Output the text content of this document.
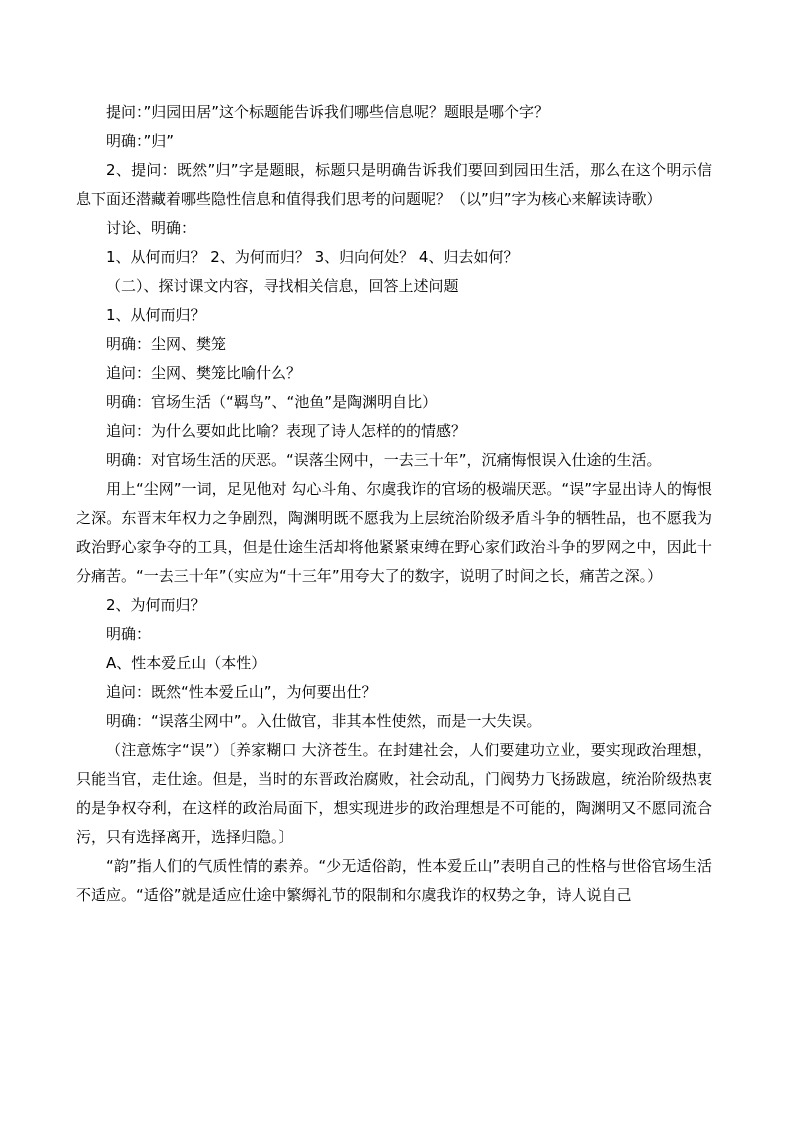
提问：”归园田居”这个标题能告诉我们哪些信息呢？题眼是哪个字？
明确：”归”

2、提问：既然”归”字是题眼，标题只是明确告诉我们要回到园田生活，那么在这个明示信息下面还潜藏着哪些隐性信息和值得我们思考的问题呢？（以”归”字为核心来解读诗歌）

讨论、明确：
1、从何而归？ 2、为何而归？ 3、归向何处？ 4、归去如何？
（二）、探讨课文内容，寻找相关信息，回答上述问题
1、从何而归？
明确：尘网、樊笼
追问：尘网、樊笼比喻什么？
明确：官场生活（“羁鸟”、“池鱼”是陶渊明自比）
追问：为什么要如此比喻？表现了诗人怎样的的情感？
明确：对官场生活的厌恶。“误落尘网中，一去三十年”，沉痛悔恨误入仕途的生活。

用上“尘网”一词，足见他对 勾心斗角、尔虞我诈的官场的极端厌恶。“误”字显出诗人的悔恨之深。东晋末年权力之争剧烈，陶渊明既不愿我为上层统治阶级矛盾斗争的牺牲品，也不愿我为政治野心家争夺的工具，但是仕途生活却将他紧紧束缚在野心家们政治斗争的罗网之中，因此十分痛苦。“一去三十年”（实应为“十三年”用夸大了的数字，说明了时间之长，痛苦之深。）

2、为何而归？
明确：
A、性本爱丘山（本性）
追问：既然“性本爱丘山”，为何要出仕？
明确：“误落尘网中”。入仕做官，非其本性使然，而是一大失误。

（注意炼字“误”）〔养家糊口 大济苍生。在封建社会，人们要建功立业，要实现政治理想，只能当官，走仕途。但是，当时的东晋政治腐败，社会动乱，门阀势力飞扬跋扈，统治阶级热衷的是争权夺利，在这样的政治局面下，想实现进步的政治理想是不可能的，陶渊明又不愿同流合污，只有选择离开，选择归隐。〕

“韵”指人们的气质性情的素养。“少无适俗韵，性本爱丘山”表明自己的性格与世俗官场生活不适应。“适俗”就是适应仕途中繁缛礼节的限制和尔虞我诈的权势之争，诗人说自己
